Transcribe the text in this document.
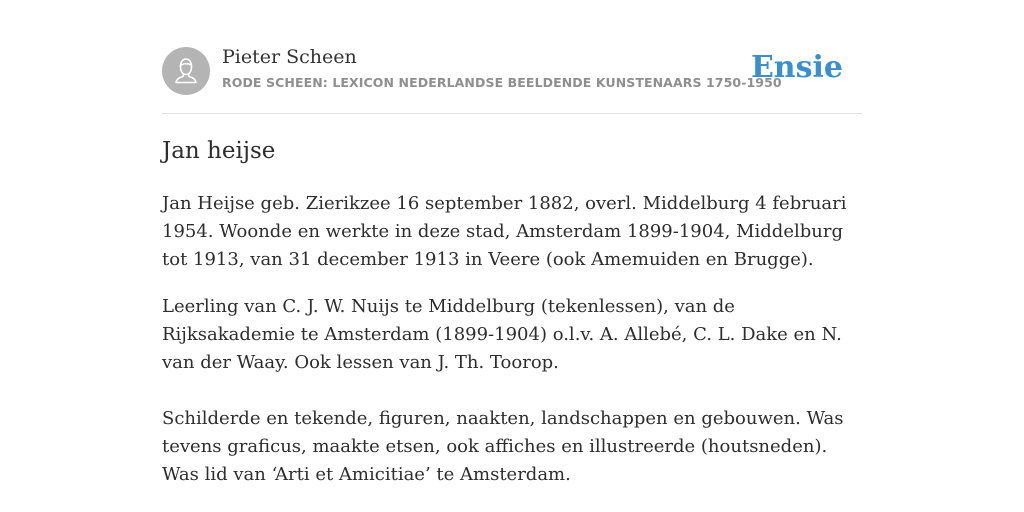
Pieter Scheen
RODE SCHEEN: LEXICON NEDERLANDSE BEELDENDE KUNSTENAARS 1750-1950
Ensie
Jan heijse

Jan Heijse geb. Zierikzee 16 september 1882, overl. Middelburg 4 februari 1954. Woonde en werkte in deze stad, Amsterdam 1899-1904, Middelburg tot 1913, van 31 december 1913 in Veere (ook Amemuiden en Brugge).

Leerling van C. J. W. Nuijs te Middelburg (tekenlessen), van de Rijksakademie te Amsterdam (1899-1904) o.l.v. A. Allebé, C. L. Dake en N. van der Waay. Ook lessen van J. Th. Toorop.

Schilderde en tekende, figuren, naakten, landschappen en gebouwen. Was tevens graficus, maakte etsen, ook affiches en illustreerde (houtsneden). Was lid van ‘Arti et Amicitiae’ te Amsterdam.
